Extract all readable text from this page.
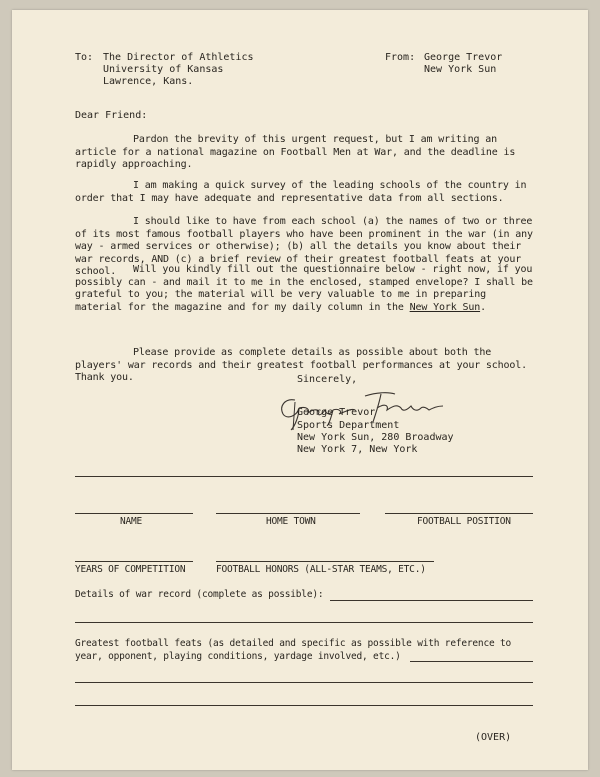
To: The Director of Athletics
University of Kansas
Lawrence, Kans.
From: George Trevor
New York Sun
Dear Friend:
Pardon the brevity of this urgent request, but I am writing an article for a national magazine on Football Men at War, and the deadline is rapidly approaching.
I am making a quick survey of the leading schools of the country in order that I may have adequate and representative data from all sections.
I should like to have from each school (a) the names of two or three of its most famous football players who have been prominent in the war (in any way - armed services or otherwise); (b) all the details you know about their war records, AND (c) a brief review of their greatest football feats at your school.	Will you kindly fill out the questionnaire below - right now, if you possibly can - and mail it to me in the enclosed, stamped envelope? I shall be grateful to you; the material will be very valuable to me in preparing material for the magazine and for my daily column in the New York Sun.
Please provide as complete details as possible about both the players' war records and their greatest football performances at your school. Thank you.	Sincerely,
George Trevor
Sports Department
New York Sun, 280 Broadway
New York 7, New York
NAME	HOME TOWN	FOOTBALL POSITION
YEARS OF COMPETITION	FOOTBALL HONORS (ALL-STAR TEAMS, ETC.)
Details of war record (complete as possible):
Greatest football feats (as detailed and specific as possible with reference to
year, opponent, playing conditions, yardage involved, etc.)
(OVER)
